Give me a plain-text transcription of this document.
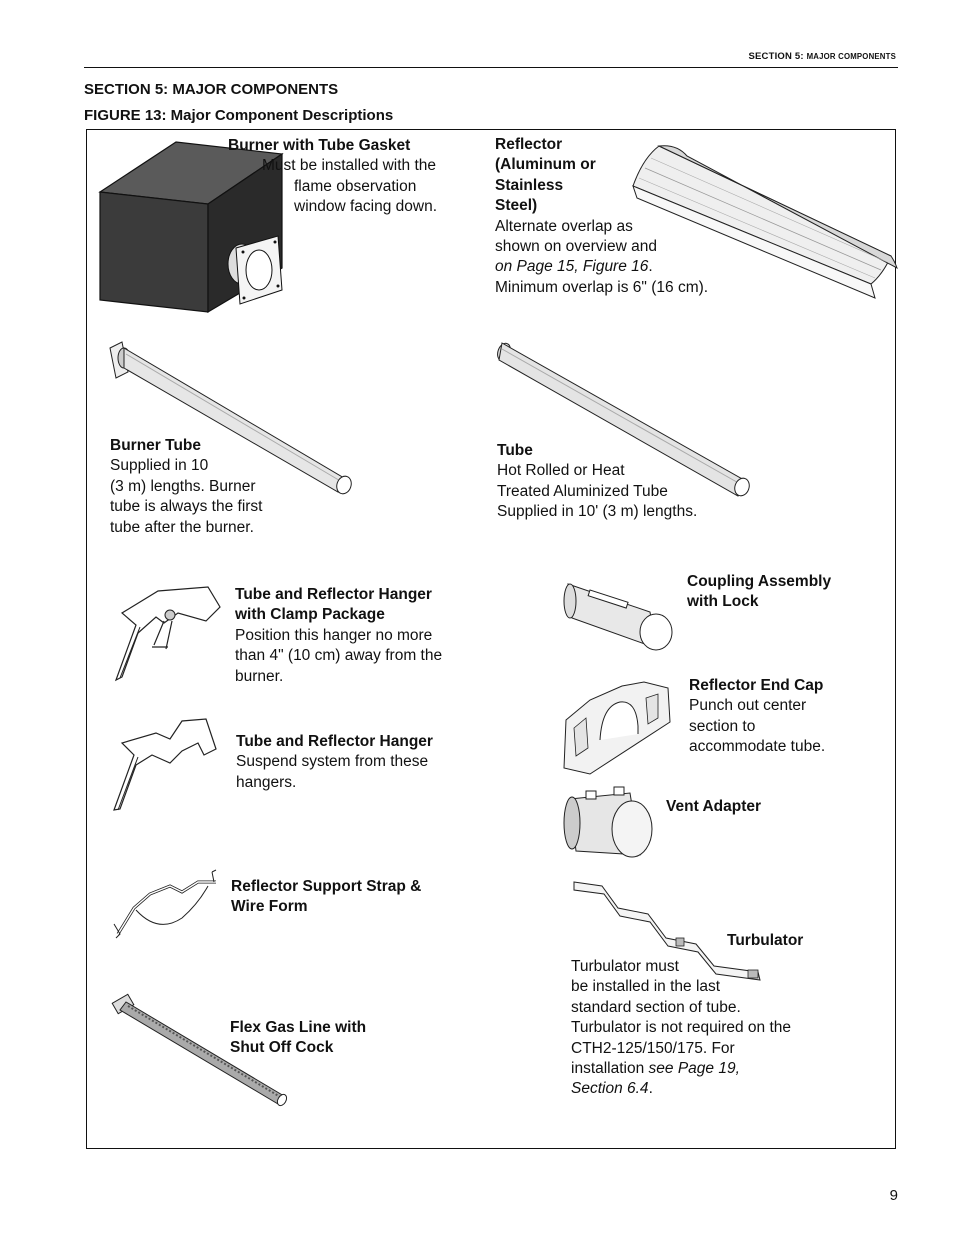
SECTION 5: MAJOR COMPONENTS
SECTION 5: MAJOR COMPONENTS
FIGURE 13: Major Component Descriptions
Burner with Tube Gasket
Must be installed with the
flame observation
window facing down.
Reflector
(Aluminum or
Stainless
Steel)
Alternate overlap as
shown on overview and
on Page 15, Figure 16.
Minimum overlap is 6" (16 cm).
Burner Tube
Supplied in 10
(3 m) lengths. Burner
tube is always the first
tube after the burner.
Tube
Hot Rolled or Heat
Treated Aluminized Tube
Supplied in 10' (3 m) lengths.
Tube and Reflector Hanger
with Clamp Package
Position this hanger no more
than 4" (10 cm) away from the
burner.
Coupling Assembly
with Lock
Reflector End Cap
Punch out center
section to
accommodate tube.
Tube and Reflector Hanger
Suspend system from these
hangers.
Vent Adapter
Reflector Support Strap &
Wire Form
Turbulator
Turbulator must
be installed in the last
standard section of tube.
Turbulator is not required on the
CTH2-125/150/175. For
installation see Page 19,
Section 6.4.
Flex Gas Line with
Shut Off Cock
9
